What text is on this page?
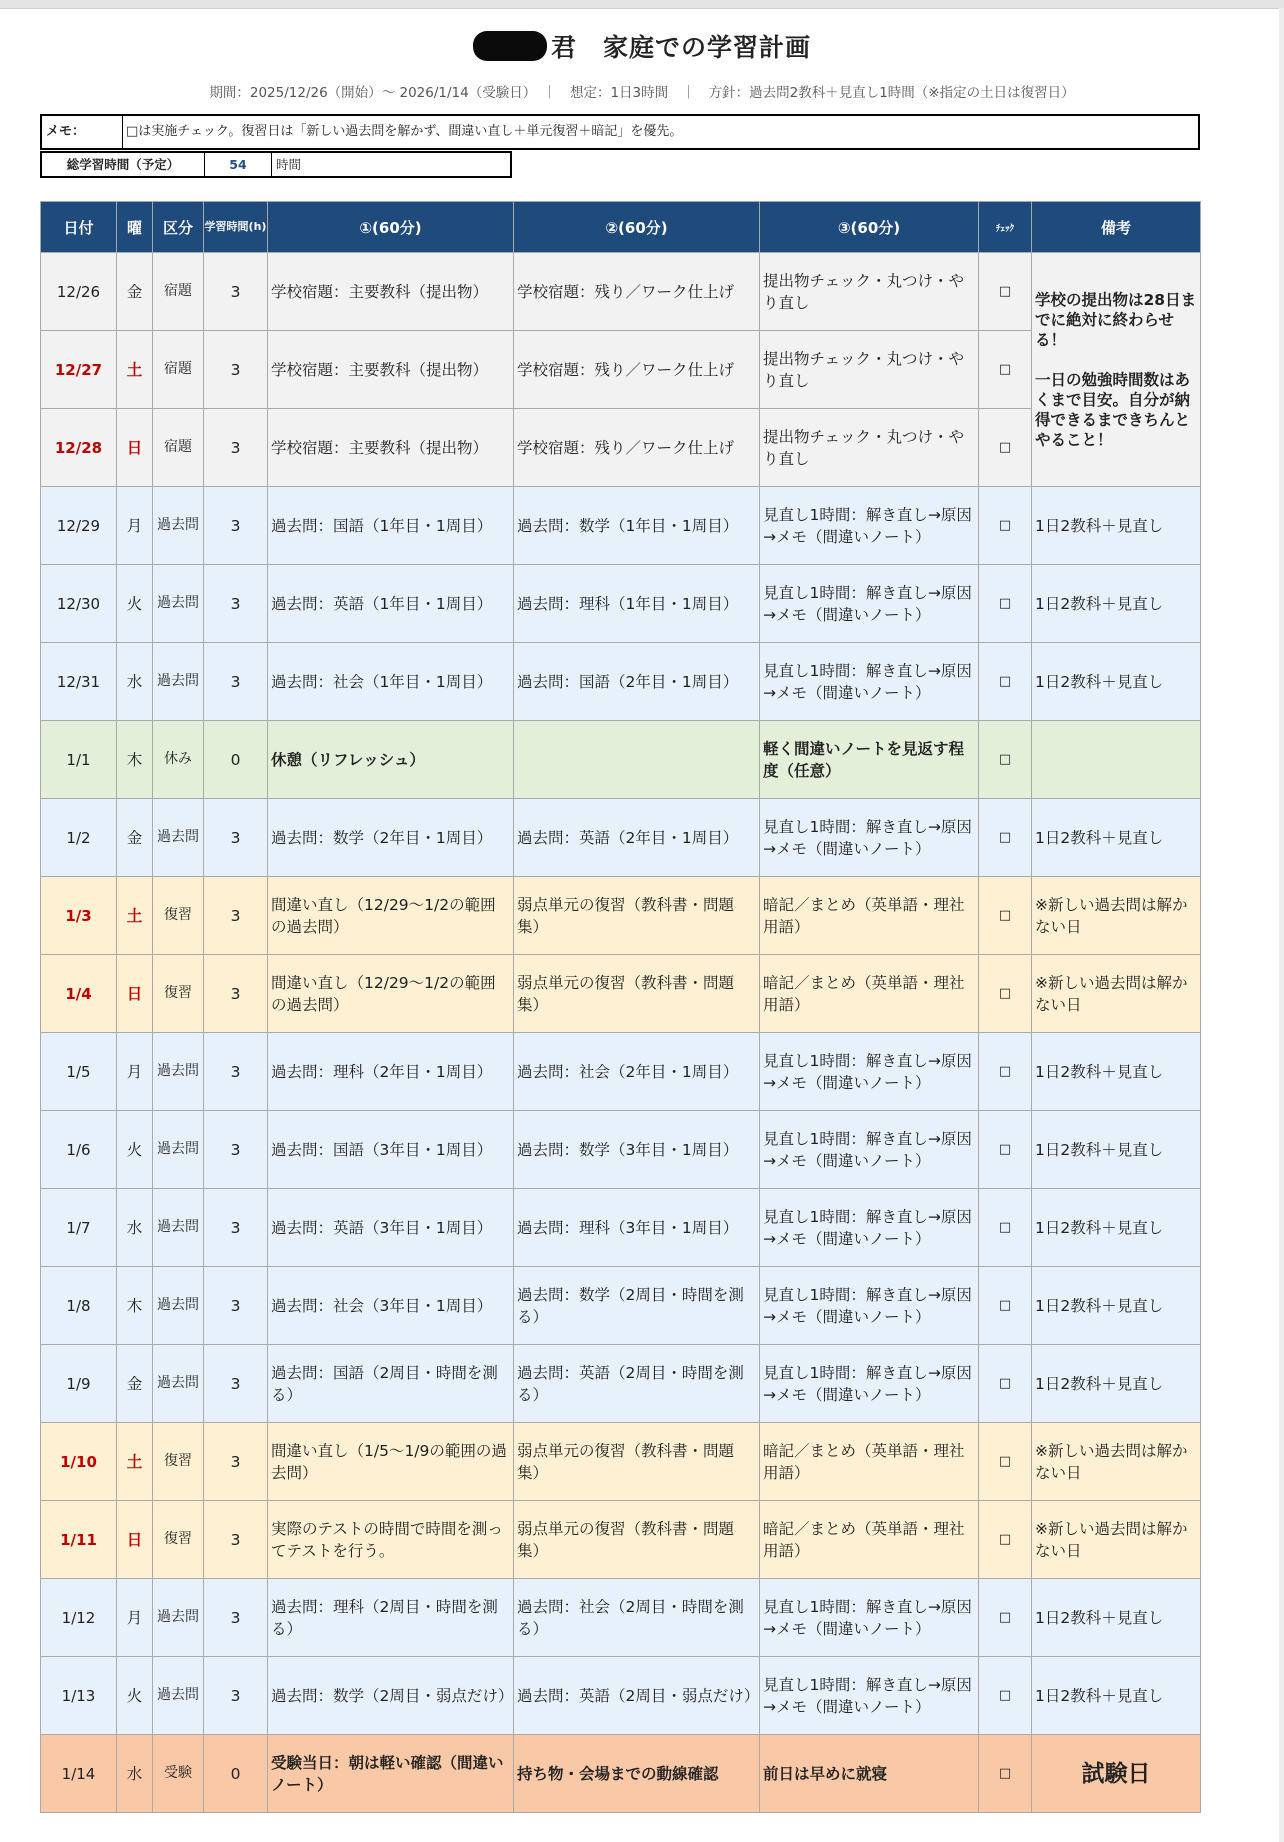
君　家庭での学習計画
期間：2025/12/26（開始）〜 2026/1/14（受験日）　｜　想定：1日3時間　｜　方針：過去問2教科＋見直し1時間（※指定の土日は復習日）
メモ：	□は実施チェック。復習日は「新しい過去問を解かず、間違い直し＋単元復習＋暗記」を優先。
総学習時間（予定）	54	時間
日付	曜	区分	学習時間(h)	①(60分)	②(60分)	③(60分)	ﾁｪｯｸ	備考
12/26	金	宿題	3	学校宿題：主要教科（提出物）	学校宿題：残り／ワーク仕上げ	提出物チェック・丸つけ・やり直し	□	学校の提出物は28日までに絶対に終わらせる！

一日の勉強時間数はあくまで目安。自分が納得できるまできちんとやること！
12/27	土	宿題	3	学校宿題：主要教科（提出物）	学校宿題：残り／ワーク仕上げ	提出物チェック・丸つけ・やり直し	□	
12/28	日	宿題	3	学校宿題：主要教科（提出物）	学校宿題：残り／ワーク仕上げ	提出物チェック・丸つけ・やり直し	□	
12/29	月	過去問	3	過去問：国語（1年目・1周目）	過去問：数学（1年目・1周目）	見直し1時間：解き直し→原因→メモ（間違いノート）	□	1日2教科＋見直し
12/30	火	過去問	3	過去問：英語（1年目・1周目）	過去問：理科（1年目・1周目）	見直し1時間：解き直し→原因→メモ（間違いノート）	□	1日2教科＋見直し
12/31	水	過去問	3	過去問：社会（1年目・1周目）	過去問：国語（2年目・1周目）	見直し1時間：解き直し→原因→メモ（間違いノート）	□	1日2教科＋見直し
1/1	木	休み	0	休憩（リフレッシュ）		軽く間違いノートを見返す程度（任意）	□	
1/2	金	過去問	3	過去問：数学（2年目・1周目）	過去問：英語（2年目・1周目）	見直し1時間：解き直し→原因→メモ（間違いノート）	□	1日2教科＋見直し
1/3	土	復習	3	間違い直し（12/29〜1/2の範囲の過去問）	弱点単元の復習（教科書・問題集）	暗記／まとめ（英単語・理社用語）	□	※新しい過去問は解かない日
1/4	日	復習	3	間違い直し（12/29〜1/2の範囲の過去問）	弱点単元の復習（教科書・問題集）	暗記／まとめ（英単語・理社用語）	□	※新しい過去問は解かない日
1/5	月	過去問	3	過去問：理科（2年目・1周目）	過去問：社会（2年目・1周目）	見直し1時間：解き直し→原因→メモ（間違いノート）	□	1日2教科＋見直し
1/6	火	過去問	3	過去問：国語（3年目・1周目）	過去問：数学（3年目・1周目）	見直し1時間：解き直し→原因→メモ（間違いノート）	□	1日2教科＋見直し
1/7	水	過去問	3	過去問：英語（3年目・1周目）	過去問：理科（3年目・1周目）	見直し1時間：解き直し→原因→メモ（間違いノート）	□	1日2教科＋見直し
1/8	木	過去問	3	過去問：社会（3年目・1周目）	過去問：数学（2周目・時間を測る）	見直し1時間：解き直し→原因→メモ（間違いノート）	□	1日2教科＋見直し
1/9	金	過去問	3	過去問：国語（2周目・時間を測る）	過去問：英語（2周目・時間を測る）	見直し1時間：解き直し→原因→メモ（間違いノート）	□	1日2教科＋見直し
1/10	土	復習	3	間違い直し（1/5〜1/9の範囲の過去問）	弱点単元の復習（教科書・問題集）	暗記／まとめ（英単語・理社用語）	□	※新しい過去問は解かない日
1/11	日	復習	3	実際のテストの時間で時間を測ってテストを行う。	弱点単元の復習（教科書・問題集）	暗記／まとめ（英単語・理社用語）	□	※新しい過去問は解かない日
1/12	月	過去問	3	過去問：理科（2周目・時間を測る）	過去問：社会（2周目・時間を測る）	見直し1時間：解き直し→原因→メモ（間違いノート）	□	1日2教科＋見直し
1/13	火	過去問	3	過去問：数学（2周目・弱点だけ）	過去問：英語（2周目・弱点だけ）	見直し1時間：解き直し→原因→メモ（間違いノート）	□	1日2教科＋見直し
1/14	水	受験	0	受験当日：朝は軽い確認（間違いノート）	持ち物・会場までの動線確認	前日は早めに就寝	□	試験日
